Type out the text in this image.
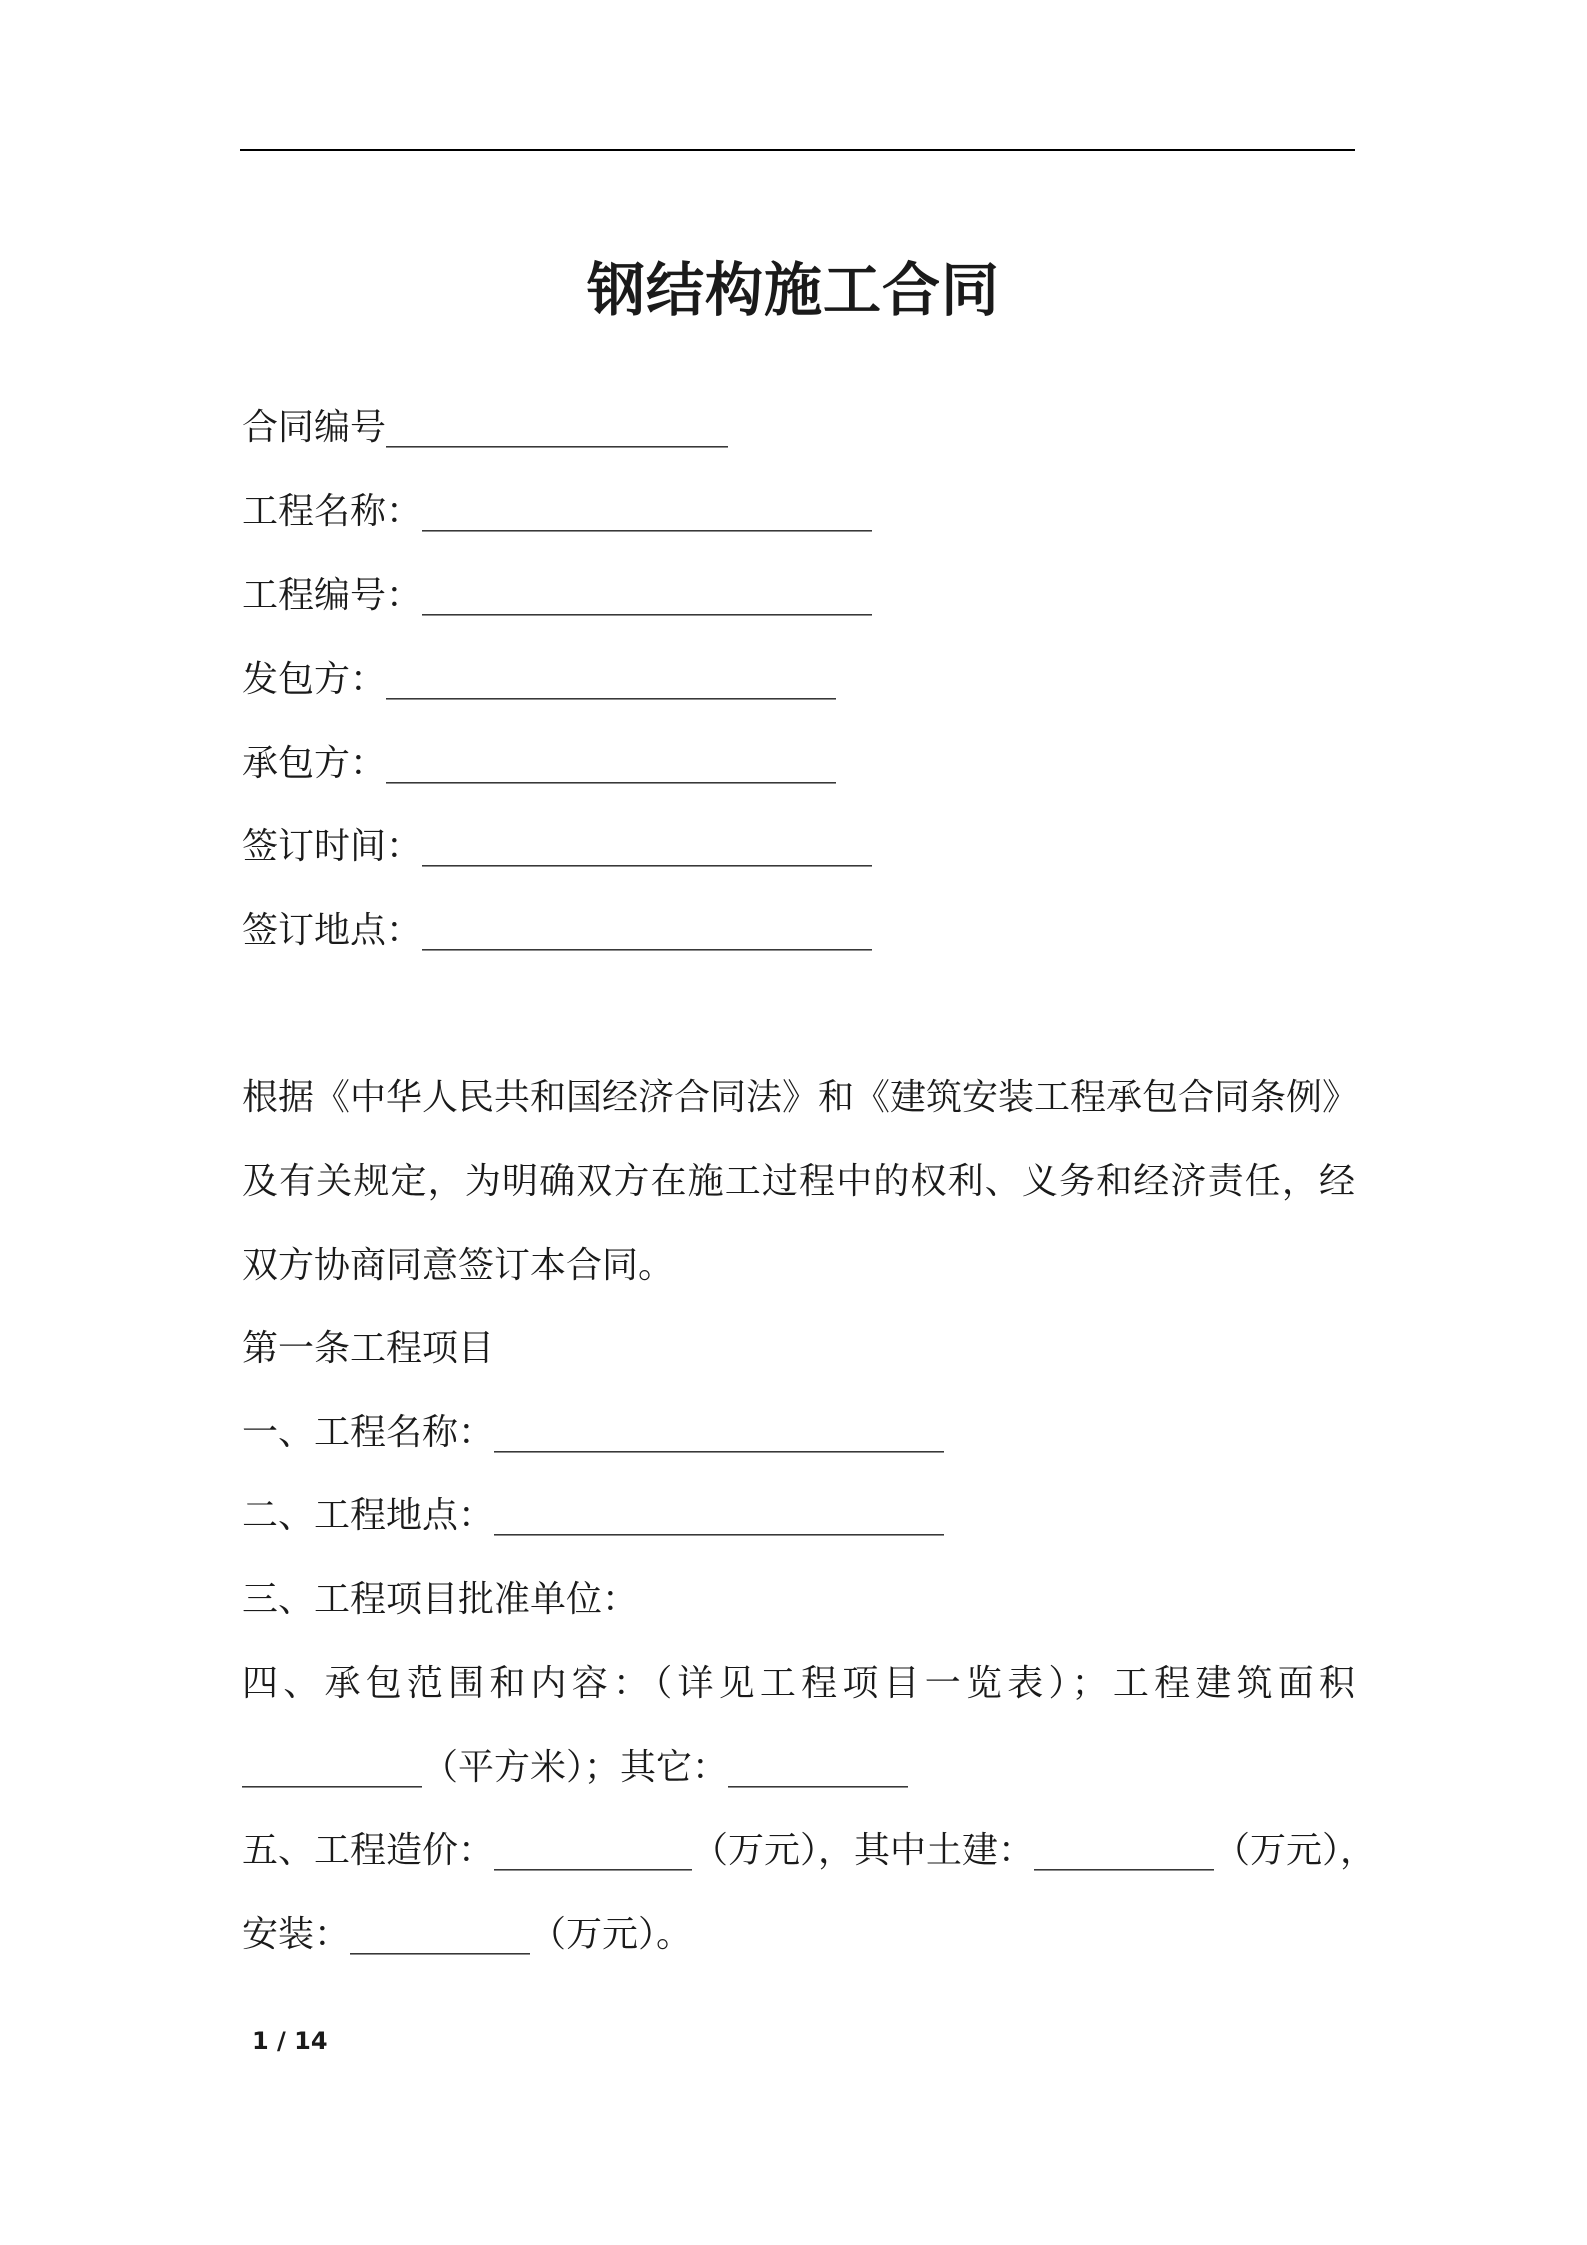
钢结构施工合同
合同编号___________________
工程名称：_________________________
工程编号：_________________________
发包方：_________________________
承包方：_________________________
签订时间：_________________________
签订地点：_________________________
根据《中华人民共和国经济合同法》和《建筑安装工程承包合同条例》
及有关规定，为明确双方在施工过程中的权利、义务和经济责任，经
双方协商同意签订本合同。
第一条工程项目
一、工程名称：_________________________
二、工程地点：_________________________
三、工程项目批准单位：
四、承包范围和内容：（详见工程项目一览表）；工程建筑面积
__________（平方米）；其它：__________
五、工程造价：___________（万元），其中土建：__________（万元），
安装：__________（万元）。
1 / 14
